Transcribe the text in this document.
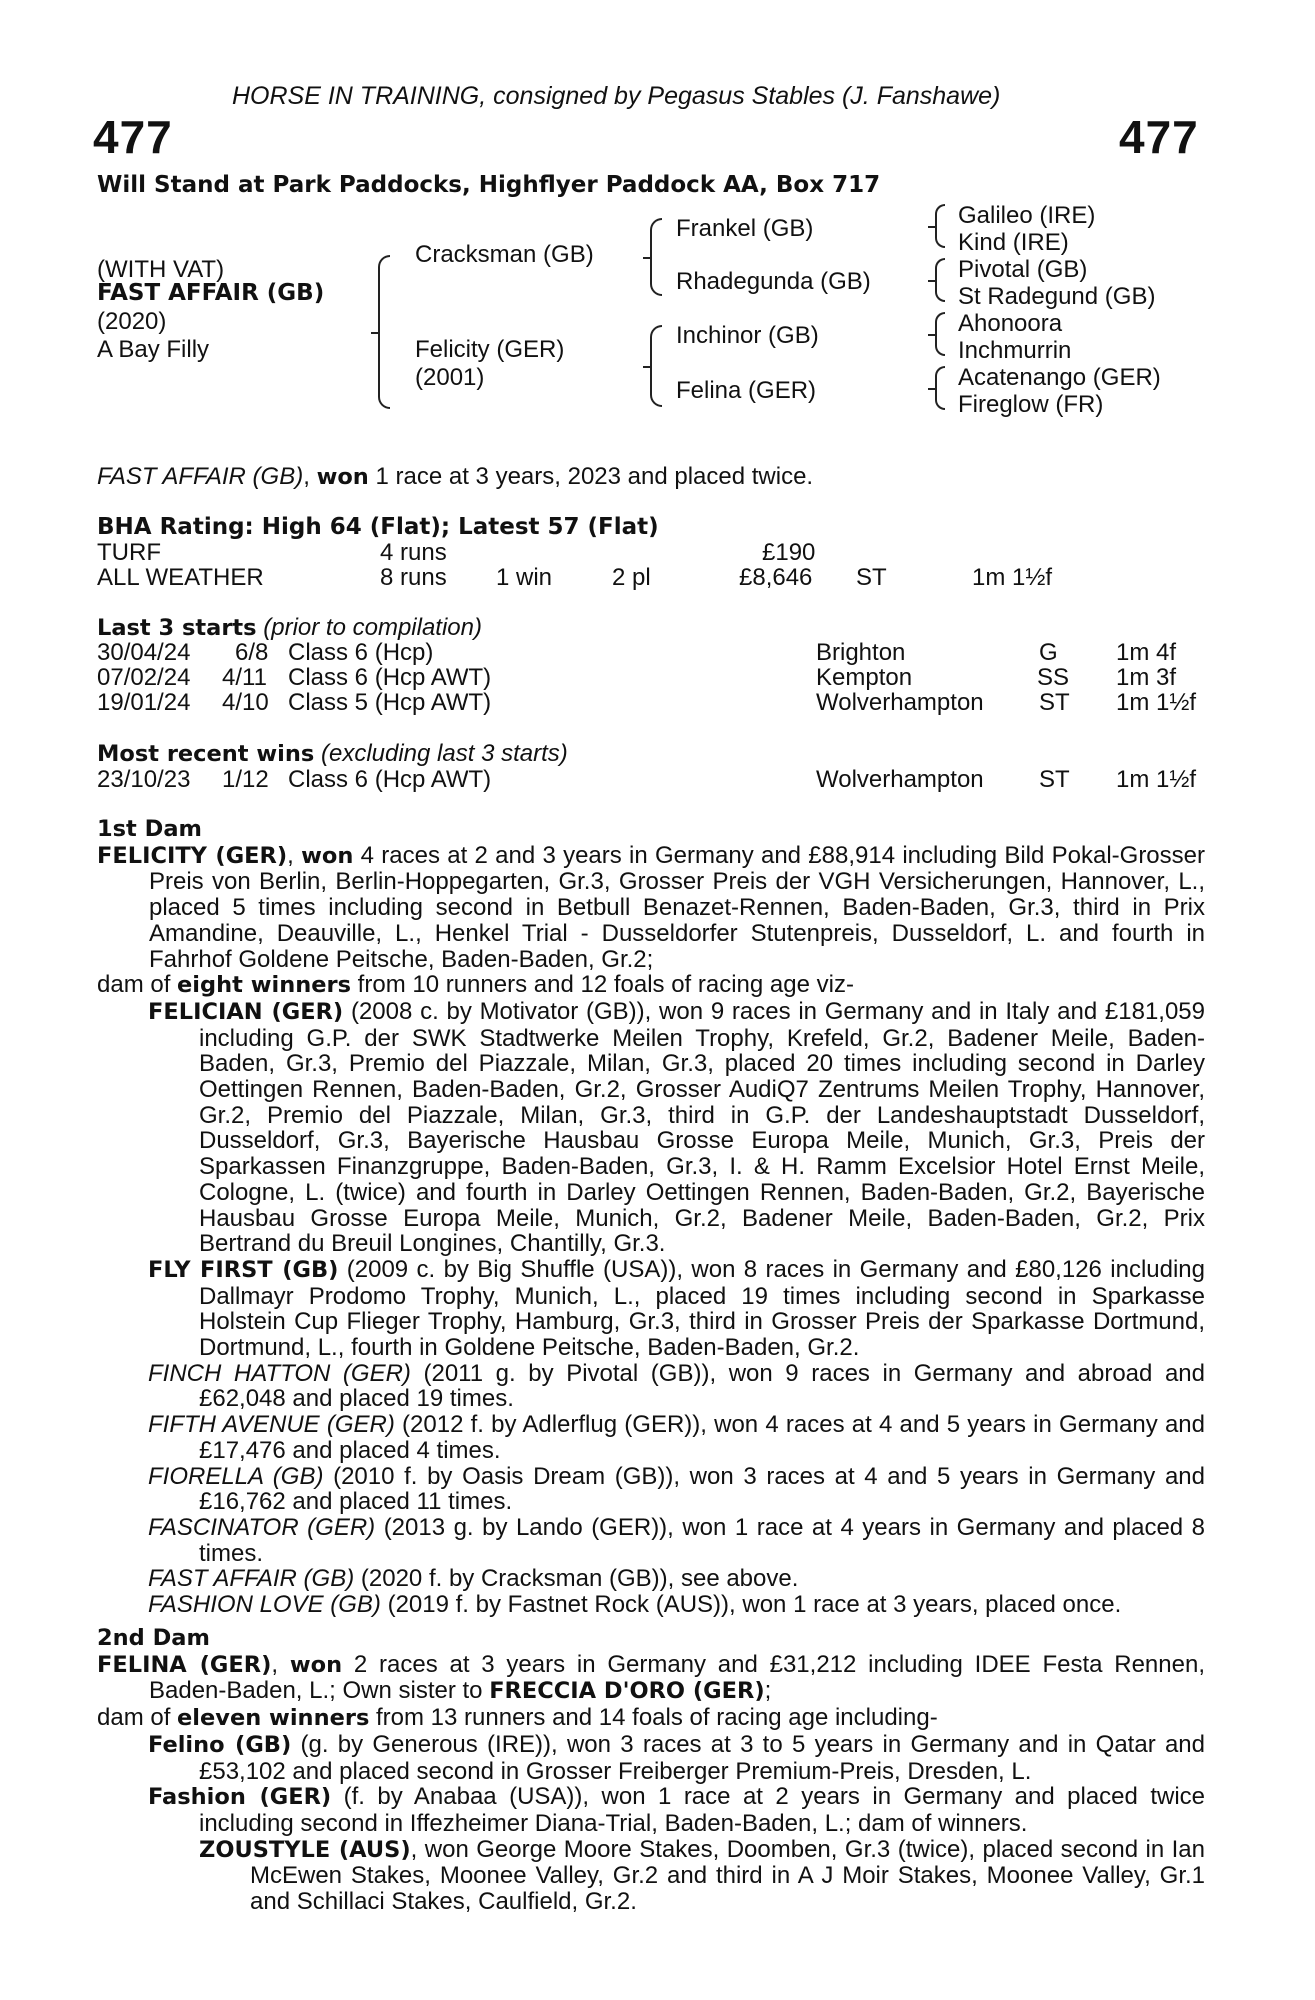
HORSE IN TRAINING, consigned by Pegasus Stables (J. Fanshawe)
477	477
Will Stand at Park Paddocks, Highflyer Paddock AA, Box 717
(WITH VAT)
FAST AFFAIR (GB)
(2020)
A Bay Filly
Cracksman (GB)
Felicity (GER)
(2001)
Frankel (GB)
Rhadegunda (GB)
Inchinor (GB)
Felina (GER)
Galileo (IRE)
Kind (IRE)
Pivotal (GB)
St Radegund (GB)
Ahonoora
Inchmurrin
Acatenango (GER)
Fireglow (FR)
FAST AFFAIR (GB), won 1 race at 3 years, 2023 and placed twice.
BHA Rating: High 64 (Flat); Latest 57 (Flat)
TURF	4 runs	£190
ALL WEATHER	8 runs 1 win 2 pl	£8,646 ST	1m 1½f
Last 3 starts (prior to compilation)
30/04/24 6/8 Class 6 (Hcp)	Brighton	G 1m 4f
07/02/24 4/11 Class 6 (Hcp AWT)	Kempton	SS 1m 3f
19/01/24 4/10 Class 5 (Hcp AWT)	Wolverhampton ST 1m 1½f
Most recent wins (excluding last 3 starts)
23/10/23 1/12 Class 6 (Hcp AWT)	Wolverhampton ST 1m 1½f
1st Dam
FELICITY (GER), won 4 races at 2 and 3 years in Germany and £88,914 including Bild Pokal-Grosser Preis von Berlin, Berlin-Hoppegarten, Gr.3, Grosser Preis der VGH Versicherungen, Hannover, L., placed 5 times including second in Betbull Benazet-Rennen, Baden-Baden, Gr.3, third in Prix Amandine, Deauville, L., Henkel Trial - Dusseldorfer Stutenpreis, Dusseldorf, L. and fourth in Fahrhof Goldene Peitsche, Baden-Baden, Gr.2;
dam of eight winners from 10 runners and 12 foals of racing age viz-
FELICIAN (GER) (2008 c. by Motivator (GB)), won 9 races in Germany and in Italy and £181,059 including G.P. der SWK Stadtwerke Meilen Trophy, Krefeld, Gr.2, Badener Meile, Baden-Baden, Gr.3, Premio del Piazzale, Milan, Gr.3, placed 20 times including second in Darley Oettingen Rennen, Baden-Baden, Gr.2, Grosser AudiQ7 Zentrums Meilen Trophy, Hannover, Gr.2, Premio del Piazzale, Milan, Gr.3, third in G.P. der Landeshauptstadt Dusseldorf, Dusseldorf, Gr.3, Bayerische Hausbau Grosse Europa Meile, Munich, Gr.3, Preis der Sparkassen Finanzgruppe, Baden-Baden, Gr.3, I. & H. Ramm Excelsior Hotel Ernst Meile, Cologne, L. (twice) and fourth in Darley Oettingen Rennen, Baden-Baden, Gr.2, Bayerische Hausbau Grosse Europa Meile, Munich, Gr.2, Badener Meile, Baden-Baden, Gr.2, Prix Bertrand du Breuil Longines, Chantilly, Gr.3.
FLY FIRST (GB) (2009 c. by Big Shuffle (USA)), won 8 races in Germany and £80,126 including Dallmayr Prodomo Trophy, Munich, L., placed 19 times including second in Sparkasse Holstein Cup Flieger Trophy, Hamburg, Gr.3, third in Grosser Preis der Sparkasse Dortmund, Dortmund, L., fourth in Goldene Peitsche, Baden-Baden, Gr.2.
FINCH HATTON (GER) (2011 g. by Pivotal (GB)), won 9 races in Germany and abroad and £62,048 and placed 19 times.
FIFTH AVENUE (GER) (2012 f. by Adlerflug (GER)), won 4 races at 4 and 5 years in Germany and £17,476 and placed 4 times.
FIORELLA (GB) (2010 f. by Oasis Dream (GB)), won 3 races at 4 and 5 years in Germany and £16,762 and placed 11 times.
FASCINATOR (GER) (2013 g. by Lando (GER)), won 1 race at 4 years in Germany and placed 8 times.
FAST AFFAIR (GB) (2020 f. by Cracksman (GB)), see above.
FASHION LOVE (GB) (2019 f. by Fastnet Rock (AUS)), won 1 race at 3 years, placed once.
2nd Dam
FELINA (GER), won 2 races at 3 years in Germany and £31,212 including IDEE Festa Rennen, Baden-Baden, L.; Own sister to FRECCIA D'ORO (GER);
dam of eleven winners from 13 runners and 14 foals of racing age including-
Felino (GB) (g. by Generous (IRE)), won 3 races at 3 to 5 years in Germany and in Qatar and £53,102 and placed second in Grosser Freiberger Premium-Preis, Dresden, L.
Fashion (GER) (f. by Anabaa (USA)), won 1 race at 2 years in Germany and placed twice including second in Iffezheimer Diana-Trial, Baden-Baden, L.; dam of winners.
ZOUSTYLE (AUS), won George Moore Stakes, Doomben, Gr.3 (twice), placed second in Ian McEwen Stakes, Moonee Valley, Gr.2 and third in A J Moir Stakes, Moonee Valley, Gr.1 and Schillaci Stakes, Caulfield, Gr.2.
